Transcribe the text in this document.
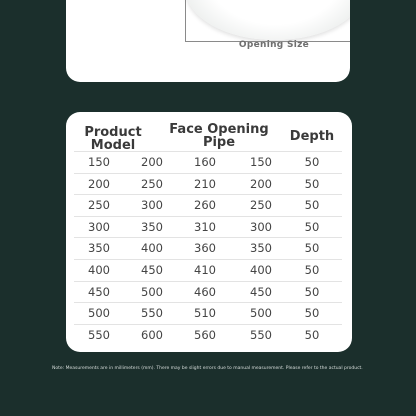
Opening Size
Product
Model
Face Opening
Pipe	Depth
150	200	160	150	50
200	250	210	200	50
250	300	260	250	50
300	350	310	300	50
350	400	360	350	50
400	450	410	400	50
450	500	460	450	50
500	550	510	500	50
550	600	560	550	50
Note: Measurements are in millimeters (mm). There may be slight errors due to manual measurement. Please refer to the actual product.
